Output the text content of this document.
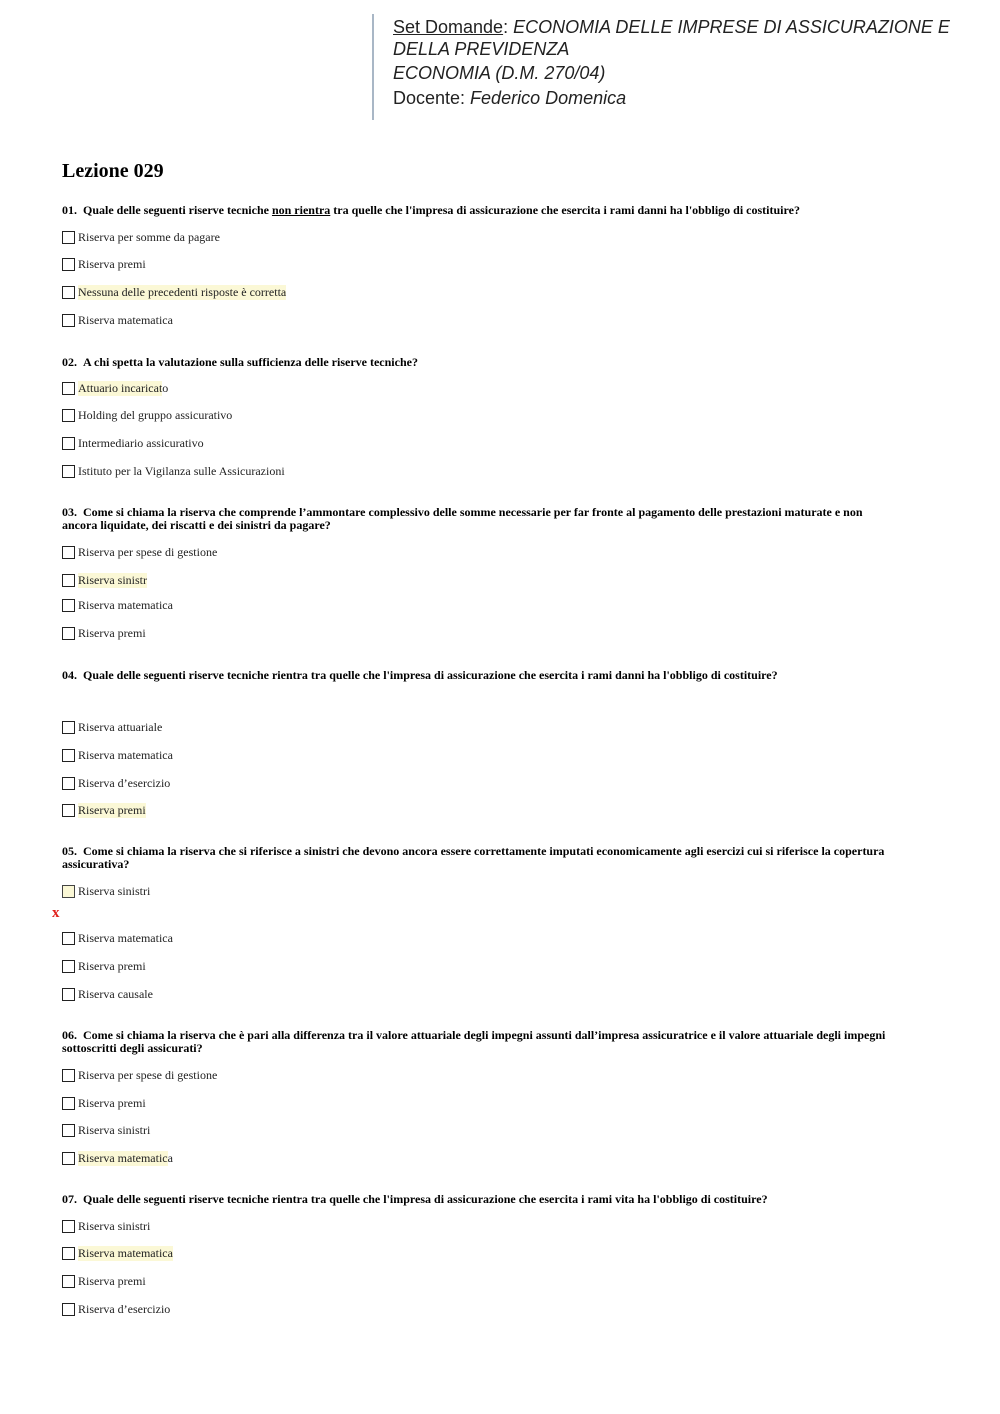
Set Domande: ECONOMIA DELLE IMPRESE DI ASSICURAZIONE E
DELLA PREVIDENZA
ECONOMIA (D.M. 270/04)
Docente: Federico Domenica
Lezione 029
01. Quale delle seguenti riserve tecniche non rientra tra quelle che l'impresa di assicurazione che esercita i rami danni ha l'obbligo di costituire?
Riserva per somme da pagare
Riserva premi
Nessuna delle precedenti risposte è corretta
Riserva matematica
02. A chi spetta la valutazione sulla sufficienza delle riserve tecniche?
Attuario incaricat o
Holding del gruppo assicurativo
Intermediario assicurativo
Istituto per la Vigilanza sulle Assicurazioni
03. Come si chiama la riserva che comprende l’ammontare complessivo delle somme necessarie per far fronte al pagamento delle prestazioni maturate e non
ancora liquidate, dei riscatti e dei sinistri da pagare?
Riserva per spese di gestione
Riserva sinistr
Riserva matematica
Riserva premi
04. Quale delle seguenti riserve tecniche rientra tra quelle che l'impresa di assicurazione che esercita i rami danni ha l'obbligo di costituire?
Riserva attuariale
Riserva matematica
Riserva d’esercizio
Riserva premi
05. Come si chiama la riserva che si riferisce a sinistri che devono ancora essere correttamente imputati economicamente agli esercizi cui si riferisce la copertura
assicurativa?
Riserva sinistri
x
Riserva matematica
Riserva premi
Riserva causale
06. Come si chiama la riserva che è pari alla differenza tra il valore attuariale degli impegni assunti dall’impresa assicuratrice e il valore attuariale degli impegni
sottoscritti degli assicurati?
Riserva per spese di gestione
Riserva premi
Riserva sinistri
Riserva matematic a
07. Quale delle seguenti riserve tecniche rientra tra quelle che l'impresa di assicurazione che esercita i rami vita ha l'obbligo di costituire?
Riserva sinistri
Riserva matematica
Riserva premi
Riserva d’esercizio
